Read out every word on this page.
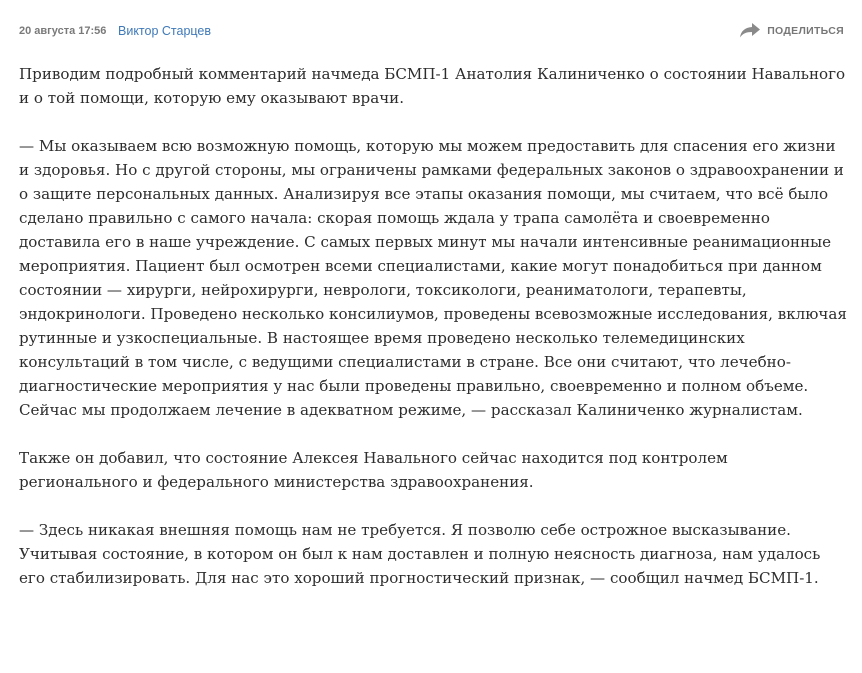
20 августа 17:56 Виктор Старцев	ПОДЕЛИТЬСЯ

Приводим подробный комментарий начмеда БСМП-1 Анатолия Калиниченко о состоянии Навального и о той помощи, которую ему оказывают врачи.

— Мы оказываем всю возможную помощь, которую мы можем предоставить для спасения его жизни и здоровья. Но с другой стороны, мы ограничены рамками федеральных законов о здравоохранении и о защите персональных данных. Анализируя все этапы оказания помощи, мы считаем, что всё было сделано правильно с самого начала: скорая помощь ждала у трапа самолёта и своевременно доставила его в наше учреждение. С самых первых минут мы начали интенсивные реанимационные мероприятия. Пациент был осмотрен всеми специалистами, какие могут понадобиться при данном состоянии — хирурги, нейрохирурги, неврологи, токсикологи, реаниматологи, терапевты, эндокринологи. Проведено несколько консилиумов, проведены всевозможные исследования, включая рутинные и узкоспециальные. В настоящее время проведено несколько телемедицинских консультаций в том числе, с ведущими специалистами в стране. Все они считают, что лечебно-диагностические мероприятия у нас были проведены правильно, своевременно и полном объеме. Сейчас мы продолжаем лечение в адекватном режиме, — рассказал Калиниченко журналистам.

Также он добавил, что состояние Алексея Навального сейчас находится под контролем регионального и федерального министерства здравоохранения.

— Здесь никакая внешняя помощь нам не требуется. Я позволю себе острожное высказывание. Учитывая состояние, в котором он был к нам доставлен и полную неясность диагноза, нам удалось его стабилизировать. Для нас это хороший прогностический признак, — сообщил начмед БСМП-1.
